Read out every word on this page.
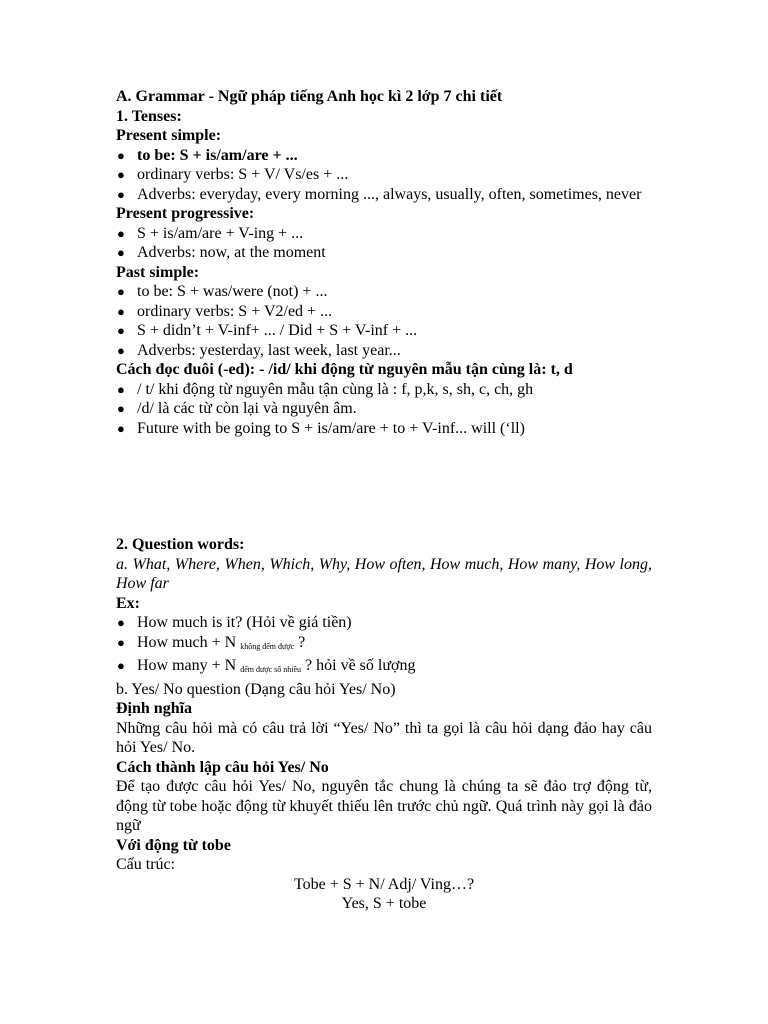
A. Grammar - Ngữ pháp tiếng Anh học kì 2 lớp 7 chi tiết

1. Tenses:

Present simple:

● to be: S + is/am/are + ...
● ordinary verbs: S + V/ Vs/es + ...
● Adverbs: everyday, every morning ..., always, usually, often, sometimes, never

Present progressive:

● S + is/am/are + V-ing + ...
● Adverbs: now, at the moment

Past simple:

● to be: S + was/were (not) + ...
● ordinary verbs: S + V2/ed + ...
● S + didn’t + V-inf+ ... / Did + S + V-inf + ...
● Adverbs: yesterday, last week, last year...

Cách đọc đuôi (-ed): - /id/ khi động từ nguyên mẫu tận cùng là: t, d

● / t/ khi động từ nguyên mẫu tận cùng là : f, p,k, s, sh, c, ch, gh
● /d/ là các từ còn lại và nguyên âm.
● Future with be going to S + is/am/are + to + V-inf... will (‘ll)

2. Question words:

a. What, Where, When, Which, Why, How often, How much, How many, How long, How far

Ex:

● How much is it? (Hỏi về giá tiền)
● How much + N $_{không đếm được}$ ?
● How many + N $_{đếm được số nhiều}$ ? hỏi về số lượng

b. Yes/ No question (Dạng câu hỏi Yes/ No)

Định nghĩa

Những câu hỏi mà có câu trả lời “Yes/ No” thì ta gọi là câu hỏi dạng đảo hay câu hỏi Yes/ No.

Cách thành lập câu hỏi Yes/ No

Để tạo được câu hỏi Yes/ No, nguyên tắc chung là chúng ta sẽ đảo trợ động từ, động từ tobe hoặc động từ khuyết thiếu lên trước chủ ngữ. Quá trình này gọi là đảo ngữ

Với động từ tobe

Cấu trúc:

Tobe + S + N/ Adj/ Ving…?

Yes, S + tobe
